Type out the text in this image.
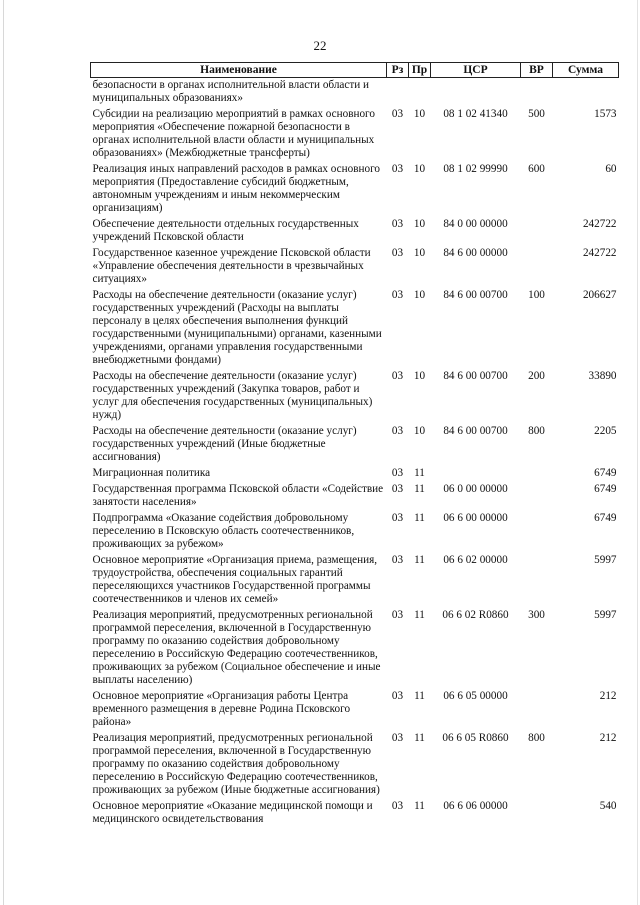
22
Наименование	Рз	Пр	ЦСР	ВР	Сумма
безопасности в органах исполнительной власти области и муниципальных образованиях»					
Субсидии на реализацию мероприятий в рамках основного мероприятия «Обеспечение пожарной безопасности в органах исполнительной власти области и муниципальных образованиях» (Межбюджетные трансферты)	03	10	08 1 02 41340	500	1573
Реализация иных направлений расходов в рамках основного мероприятия (Предоставление субсидий бюджетным, автономным учреждениям и иным некоммерческим организациям)	03	10	08 1 02 99990	600	60
Обеспечение деятельности отдельных государственных учреждений Псковской области	03	10	84 0 00 00000		242722
Государственное казенное учреждение Псковской области «Управление обеспечения деятельности в чрезвычайных ситуациях»	03	10	84 6 00 00000		242722
Расходы на обеспечение деятельности (оказание услуг) государственных учреждений (Расходы на выплаты персоналу в целях обеспечения выполнения функций государственными (муниципальными) органами, казенными учреждениями, органами управления государственными внебюджетными фондами)	03	10	84 6 00 00700	100	206627
Расходы на обеспечение деятельности (оказание услуг) государственных учреждений (Закупка товаров, работ и услуг для обеспечения государственных (муниципальных) нужд)	03	10	84 6 00 00700	200	33890
Расходы на обеспечение деятельности (оказание услуг) государственных учреждений (Иные бюджетные ассигнования)	03	10	84 6 00 00700	800	2205
Миграционная политика	03	11			6749
Государственная программа Псковской области «Содействие занятости населения»	03	11	06 0 00 00000		6749
Подпрограмма «Оказание содействия добровольному переселению в Псковскую область соотечественников, проживающих за рубежом»	03	11	06 6 00 00000		6749
Основное мероприятие «Организация приема, размещения, трудоустройства, обеспечения социальных гарантий переселяющихся участников Государственной программы соотечественников и членов их семей»	03	11	06 6 02 00000		5997
Реализация мероприятий, предусмотренных региональной программой переселения, включенной в Государственную программу по оказанию содействия добровольному переселению в Российскую Федерацию соотечественников, проживающих за рубежом (Социальное обеспечение и иные выплаты населению)	03	11	06 6 02 R0860	300	5997
Основное мероприятие «Организация работы Центра временного размещения в деревне Родина Псковского района»	03	11	06 6 05 00000		212
Реализация мероприятий, предусмотренных региональной программой переселения, включенной в Государственную программу по оказанию содействия добровольному переселению в Российскую Федерацию соотечественников, проживающих за рубежом (Иные бюджетные ассигнования)	03	11	06 6 05 R0860	800	212
Основное мероприятие «Оказание медицинской помощи и медицинского освидетельствования	03	11	06 6 06 00000		540
